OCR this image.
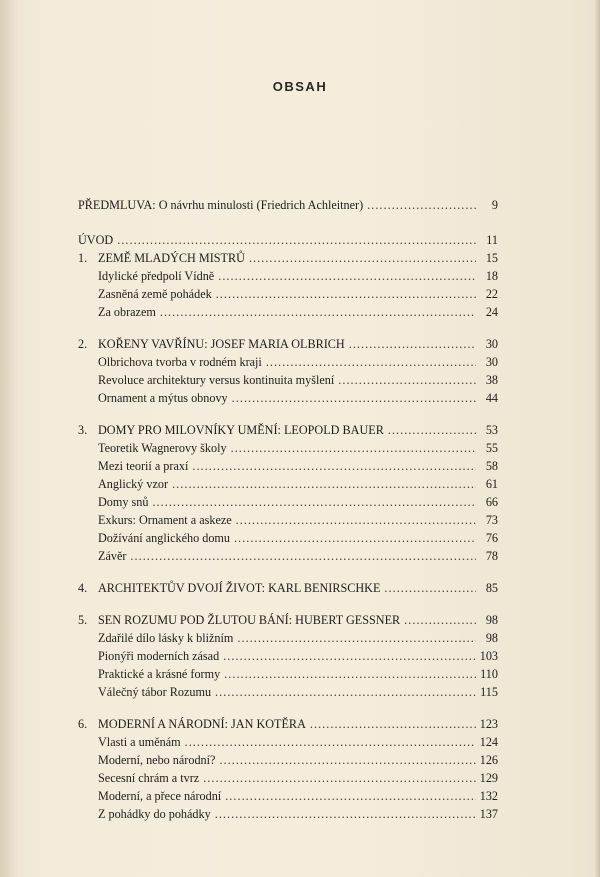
OBSAH
PŘEDMLUVA: O návrhu minulosti (Friedrich Achleitner) . . .	9
ÚVOD . . .	11
1. ZEMĚ MLADÝCH MISTRŮ . . .	15
Idylické předpolí Vídně . . .	18
Zasněná země pohádek . . .	22
Za obrazem . . .	24
2. KOŘENY VAVŘÍNU: JOSEF MARIA OLBRICH . . .	30
Olbrichova tvorba v rodném kraji . . .	30
Revoluce architektury versus kontinuita myšlení . . .	38
Ornament a mýtus obnovy . . .	44
3. DOMY PRO MILOVNÍKY UMĚNÍ: LEOPOLD BAUER . . .	53
Teoretik Wagnerovy školy . . .	55
Mezi teorií a praxí . . .	58
Anglický vzor . . .	61
Domy snů . . .	66
Exkurs: Ornament a askeze . . .	73
Dožívání anglického domu . . .	76
Závěr . . .	78
4. ARCHITEKTŮV DVOJÍ ŽIVOT: KARL BENIRSCHKE . . .	85
5. SEN ROZUMU POD ŽLUTOU BÁNÍ: HUBERT GESSNER . . .	98
Zdařilé dílo lásky k bližním . . .	98
Pionýři moderních zásad . . .	103
Praktické a krásné formy . . .	110
Válečný tábor Rozumu . . .	115
6. MODERNÍ A NÁRODNÍ: JAN KOTĚRA . . .	123
Vlasti a uměnám . . .	124
Moderní, nebo národní? . . .	126
Secesní chrám a tvrz . . .	129
Moderní, a přece národní . . .	132
Z pohádky do pohádky . . .	137
